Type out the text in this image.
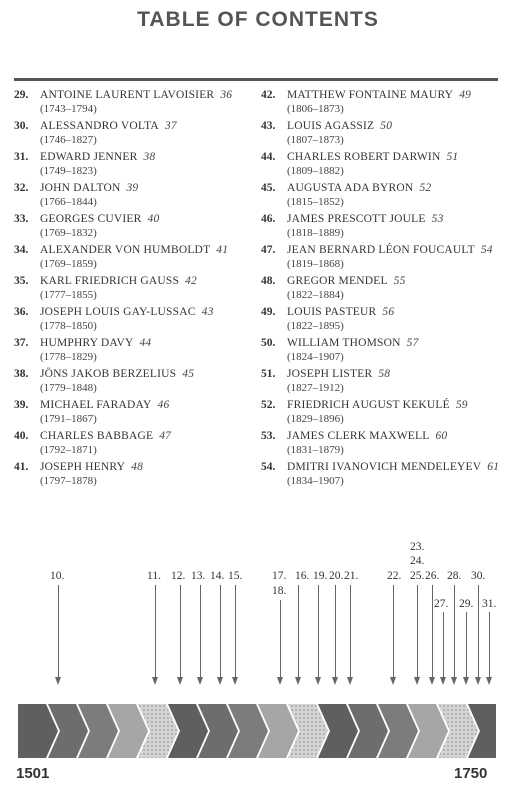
TABLE OF CONTENTS
29.	ANTOINE LAURENT LAVOISIER 36
(1743–1794)
30.	ALESSANDRO VOLTA 37
(1746–1827)
31.	EDWARD JENNER 38
(1749–1823)
32.	JOHN DALTON 39
(1766–1844)
33.	GEORGES CUVIER 40
(1769–1832)
34.	ALEXANDER VON HUMBOLDT 41
(1769–1859)
35.	KARL FRIEDRICH GAUSS 42
(1777–1855)
36.	JOSEPH LOUIS GAY-LUSSAC 43
(1778–1850)
37.	HUMPHRY DAVY 44
(1778–1829)
38.	JÖNS JAKOB BERZELIUS 45
(1779–1848)
39.	MICHAEL FARADAY 46
(1791–1867)
40.	CHARLES BABBAGE 47
(1792–1871)
41.	JOSEPH HENRY 48
(1797–1878)
42.	MATTHEW FONTAINE MAURY 49
(1806–1873)
43.	LOUIS AGASSIZ 50
(1807–1873)
44.	CHARLES ROBERT DARWIN 51
(1809–1882)
45.	AUGUSTA ADA BYRON 52
(1815–1852)
46.	JAMES PRESCOTT JOULE 53
(1818–1889)
47.	JEAN BERNARD LÉON FOUCAULT 54
(1819–1868)
48.	GREGOR MENDEL 55
(1822–1884)
49.	LOUIS PASTEUR 56
(1822–1895)
50.	WILLIAM THOMSON 57
(1824–1907)
51.	JOSEPH LISTER 58
(1827–1912)
52.	FRIEDRICH AUGUST KEKULÉ 59
(1829–1896)
53.	JAMES CLERK MAXWELL 60
(1831–1879)
54.	DMITRI IVANOVICH MENDELEYEV 61
(1834–1907)
10.	11. 12. 13. 14. 15.	17.
18.
16. 19. 20. 21. 22.
23.
24.
25. 26.
27.
28.
29.
30.
31.
1501	1750
